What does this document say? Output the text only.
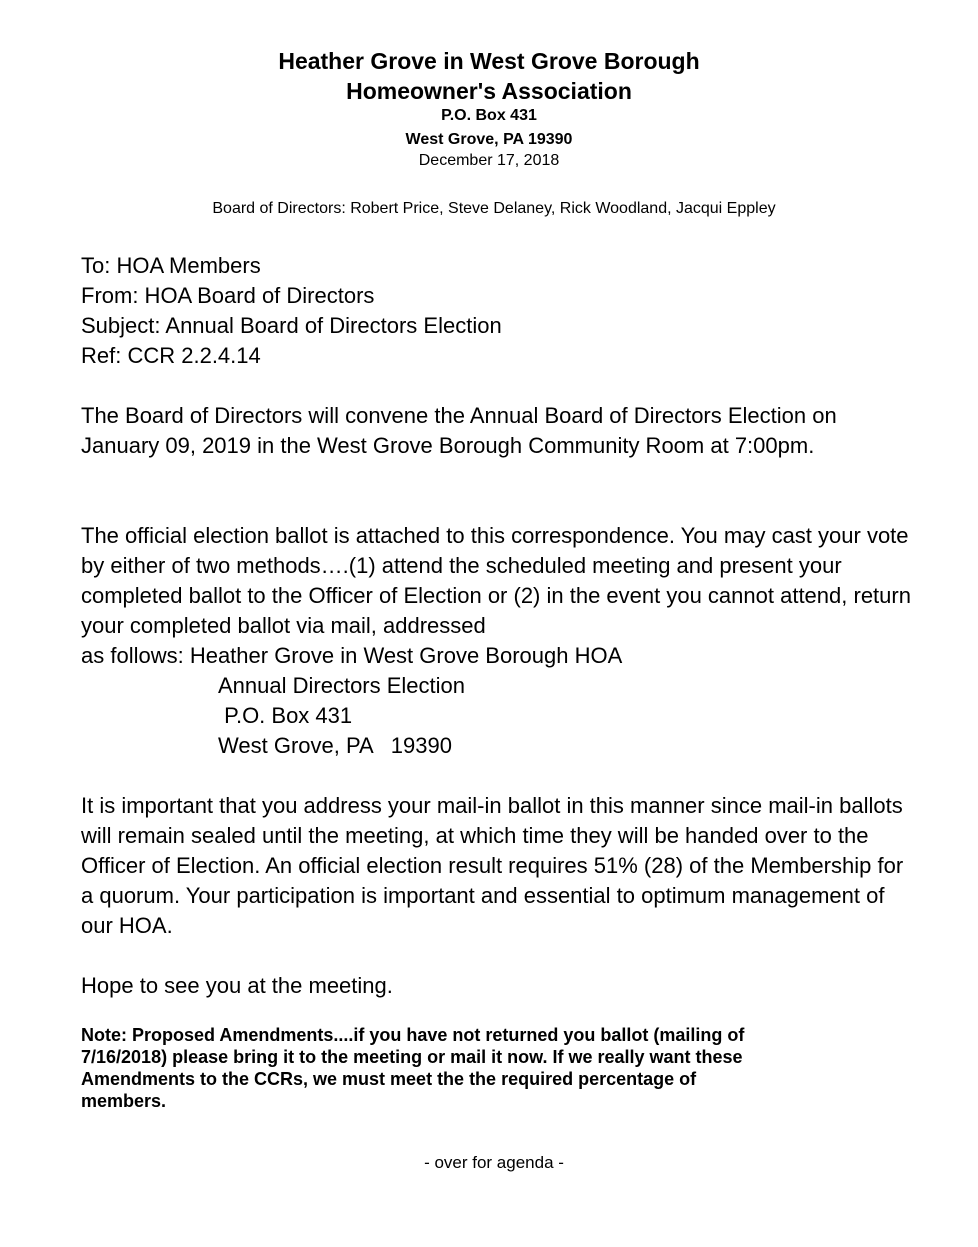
Heather Grove in West Grove Borough
Homeowner's Association
P.O. Box 431
West Grove, PA 19390
December 17, 2018
Board of Directors: Robert Price, Steve Delaney, Rick Woodland, Jacqui Eppley
To: HOA Members
From: HOA Board of Directors
Subject: Annual Board of Directors Election
Ref: CCR 2.2.4.14
The Board of Directors will convene the Annual Board of Directors Election on January 09, 2019 in the West Grove Borough Community Room at 7:00pm.
The official election ballot is attached to this correspondence. You may cast your vote by either of two methods….(1) attend the scheduled meeting and present your completed ballot to the Officer of Election or (2) in the event you cannot attend, return your completed ballot via mail, addressed
as follows: Heather Grove in West Grove Borough HOA
Annual Directors Election
P.O. Box 431
West Grove, PA   19390
It is important that you address your mail-in ballot in this manner since mail-in ballots will remain sealed until the meeting, at which time they will be handed over to the Officer of Election. An official election result requires 51% (28) of the Membership for a quorum. Your participation is important and essential to optimum management of our HOA.
Hope to see you at the meeting.
Note: Proposed Amendments....if you have not returned you ballot (mailing of
7/16/2018) please bring it to the meeting or mail it now. If we really want these
Amendments to the CCRs, we must meet the the required percentage of
members.
- over for agenda -
